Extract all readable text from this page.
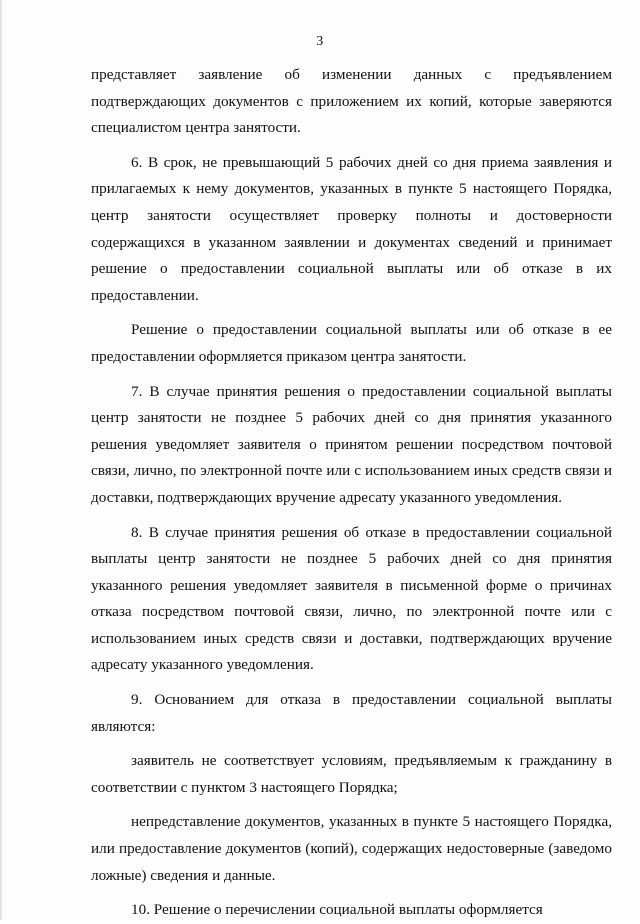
3

представляет заявление об изменении данных с предъявлением подтверждающих документов с приложением их копий, которые заверяются специалистом центра занятости.

6. В срок, не превышающий 5 рабочих дней со дня приема заявления и прилагаемых к нему документов, указанных в пункте 5 настоящего Порядка, центр занятости осуществляет проверку полноты и достоверности содержащихся в указанном заявлении и документах сведений и принимает решение о предоставлении социальной выплаты или об отказе в их предоставлении.

Решение о предоставлении социальной выплаты или об отказе в ее предоставлении оформляется приказом центра занятости.

7. В случае принятия решения о предоставлении социальной выплаты центр занятости не позднее 5 рабочих дней со дня принятия указанного решения уведомляет заявителя о принятом решении посредством почтовой связи, лично, по электронной почте или с использованием иных средств связи и доставки, подтверждающих вручение адресату указанного уведомления.

8. В случае принятия решения об отказе в предоставлении социальной выплаты центр занятости не позднее 5 рабочих дней со дня принятия указанного решения уведомляет заявителя в письменной форме о причинах отказа посредством почтовой связи, лично, по электронной почте или с использованием иных средств связи и доставки, подтверждающих вручение адресату указанного уведомления.

9. Основанием для отказа в предоставлении социальной выплаты являются:

заявитель не соответствует условиям, предъявляемым к гражданину в соответствии с пунктом 3 настоящего Порядка;

непредставление документов, указанных в пункте 5 настоящего Порядка, или предоставление документов (копий), содержащих недостоверные (заведомо ложные) сведения и данные.

10. Решение о перечислении социальной выплаты оформляется
